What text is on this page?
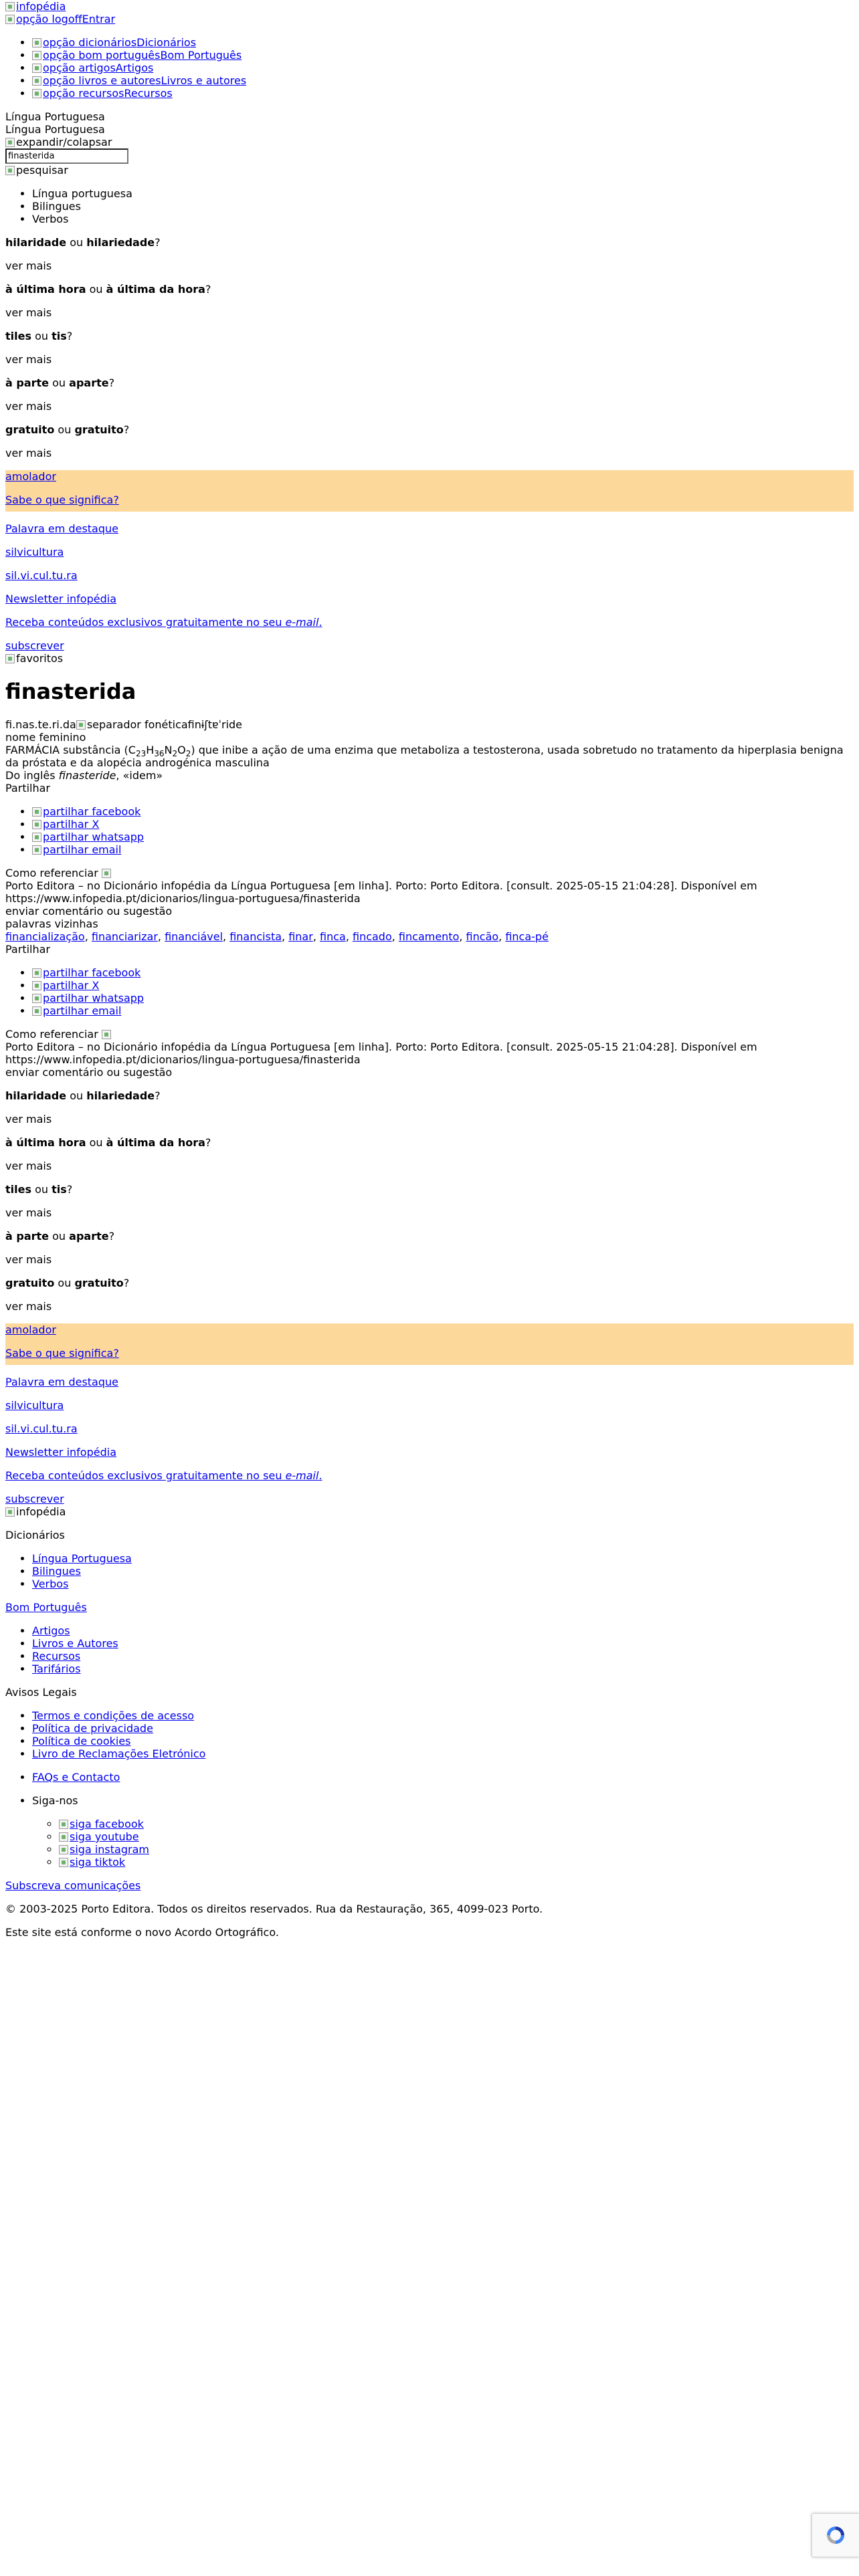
infopédia
opção logoffEntrar
• opção dicionáriosDicionários
• opção bom portuguêsBom Português
• opção artigosArtigos
• opção livros e autoresLivros e autores
• opção recursosRecursos
Língua Portuguesa
Língua Portuguesa
expandir/colapsar
finasterida
pesquisar
• Língua portuguesa
• Bilingues
• Verbos

hilaridade ou hilariedade?

ver mais

à última hora ou à última da hora?

ver mais

tiles ou tis?

ver mais

à parte ou aparte?

ver mais

gratuito ou gratuito?

ver mais

amolador

Sabe o que significa?

Palavra em destaque

silvicultura

sil.vi.cul.tu.ra

Newsletter infopédia

Receba conteúdos exclusivos gratuitamente no seu e-mail.

subscrever
favoritos
finasterida
fi.nas.te.ri.da separador fonéticafinɨʃtɐˈride
nome feminino
FARMÁCIA substância $(C_{23}H_{36}N_2O_2)$ que inibe a ação de uma enzima que metaboliza a testosterona, usada sobretudo no tratamento da hiperplasia benigna da próstata e da alopécia androgénica masculina
Do inglês finasteride, «idem»
Partilhar
• partilhar facebook
• partilhar X
• partilhar whatsapp
• partilhar email
Como referenciar
Porto Editora – no Dicionário infopédia da Língua Portuguesa [em linha]. Porto: Porto Editora. [consult. 2025-05-15 21:04:28]. Disponível em https://www.infopedia.pt/dicionarios/lingua-portuguesa/finasterida
enviar comentário ou sugestão
palavras vizinhas
financialização, financiarizar, financiável, financista, finar, finca, fincado, fincamento, fincão, finca-pé
Partilhar
• partilhar facebook
• partilhar X
• partilhar whatsapp
• partilhar email
Como referenciar
Porto Editora – no Dicionário infopédia da Língua Portuguesa [em linha]. Porto: Porto Editora. [consult. 2025-05-15 21:04:28]. Disponível em https://www.infopedia.pt/dicionarios/lingua-portuguesa/finasterida
enviar comentário ou sugestão

hilaridade ou hilariedade?

ver mais

à última hora ou à última da hora?

ver mais

tiles ou tis?

ver mais

à parte ou aparte?

ver mais

gratuito ou gratuito?

ver mais

amolador

Sabe o que significa?

Palavra em destaque

silvicultura

sil.vi.cul.tu.ra

Newsletter infopédia

Receba conteúdos exclusivos gratuitamente no seu e-mail.

subscrever
infopédia

Dicionários

• Língua Portuguesa
• Bilingues
• Verbos

Bom Português

• Artigos
• Livros e Autores
• Recursos
• Tarifários

Avisos Legais

• Termos e condições de acesso
• Política de privacidade
• Política de cookies
• Livro de Reclamações Eletrónico
• FAQs e Contacto
• Siga-nos
◦ siga facebook
◦ siga youtube
◦ siga instagram
◦ siga tiktok

Subscreva comunicações

© 2003-2025 Porto Editora. Todos os direitos reservados. Rua da Restauração, 365, 4099-023 Porto.

Este site está conforme o novo Acordo Ortográfico.
